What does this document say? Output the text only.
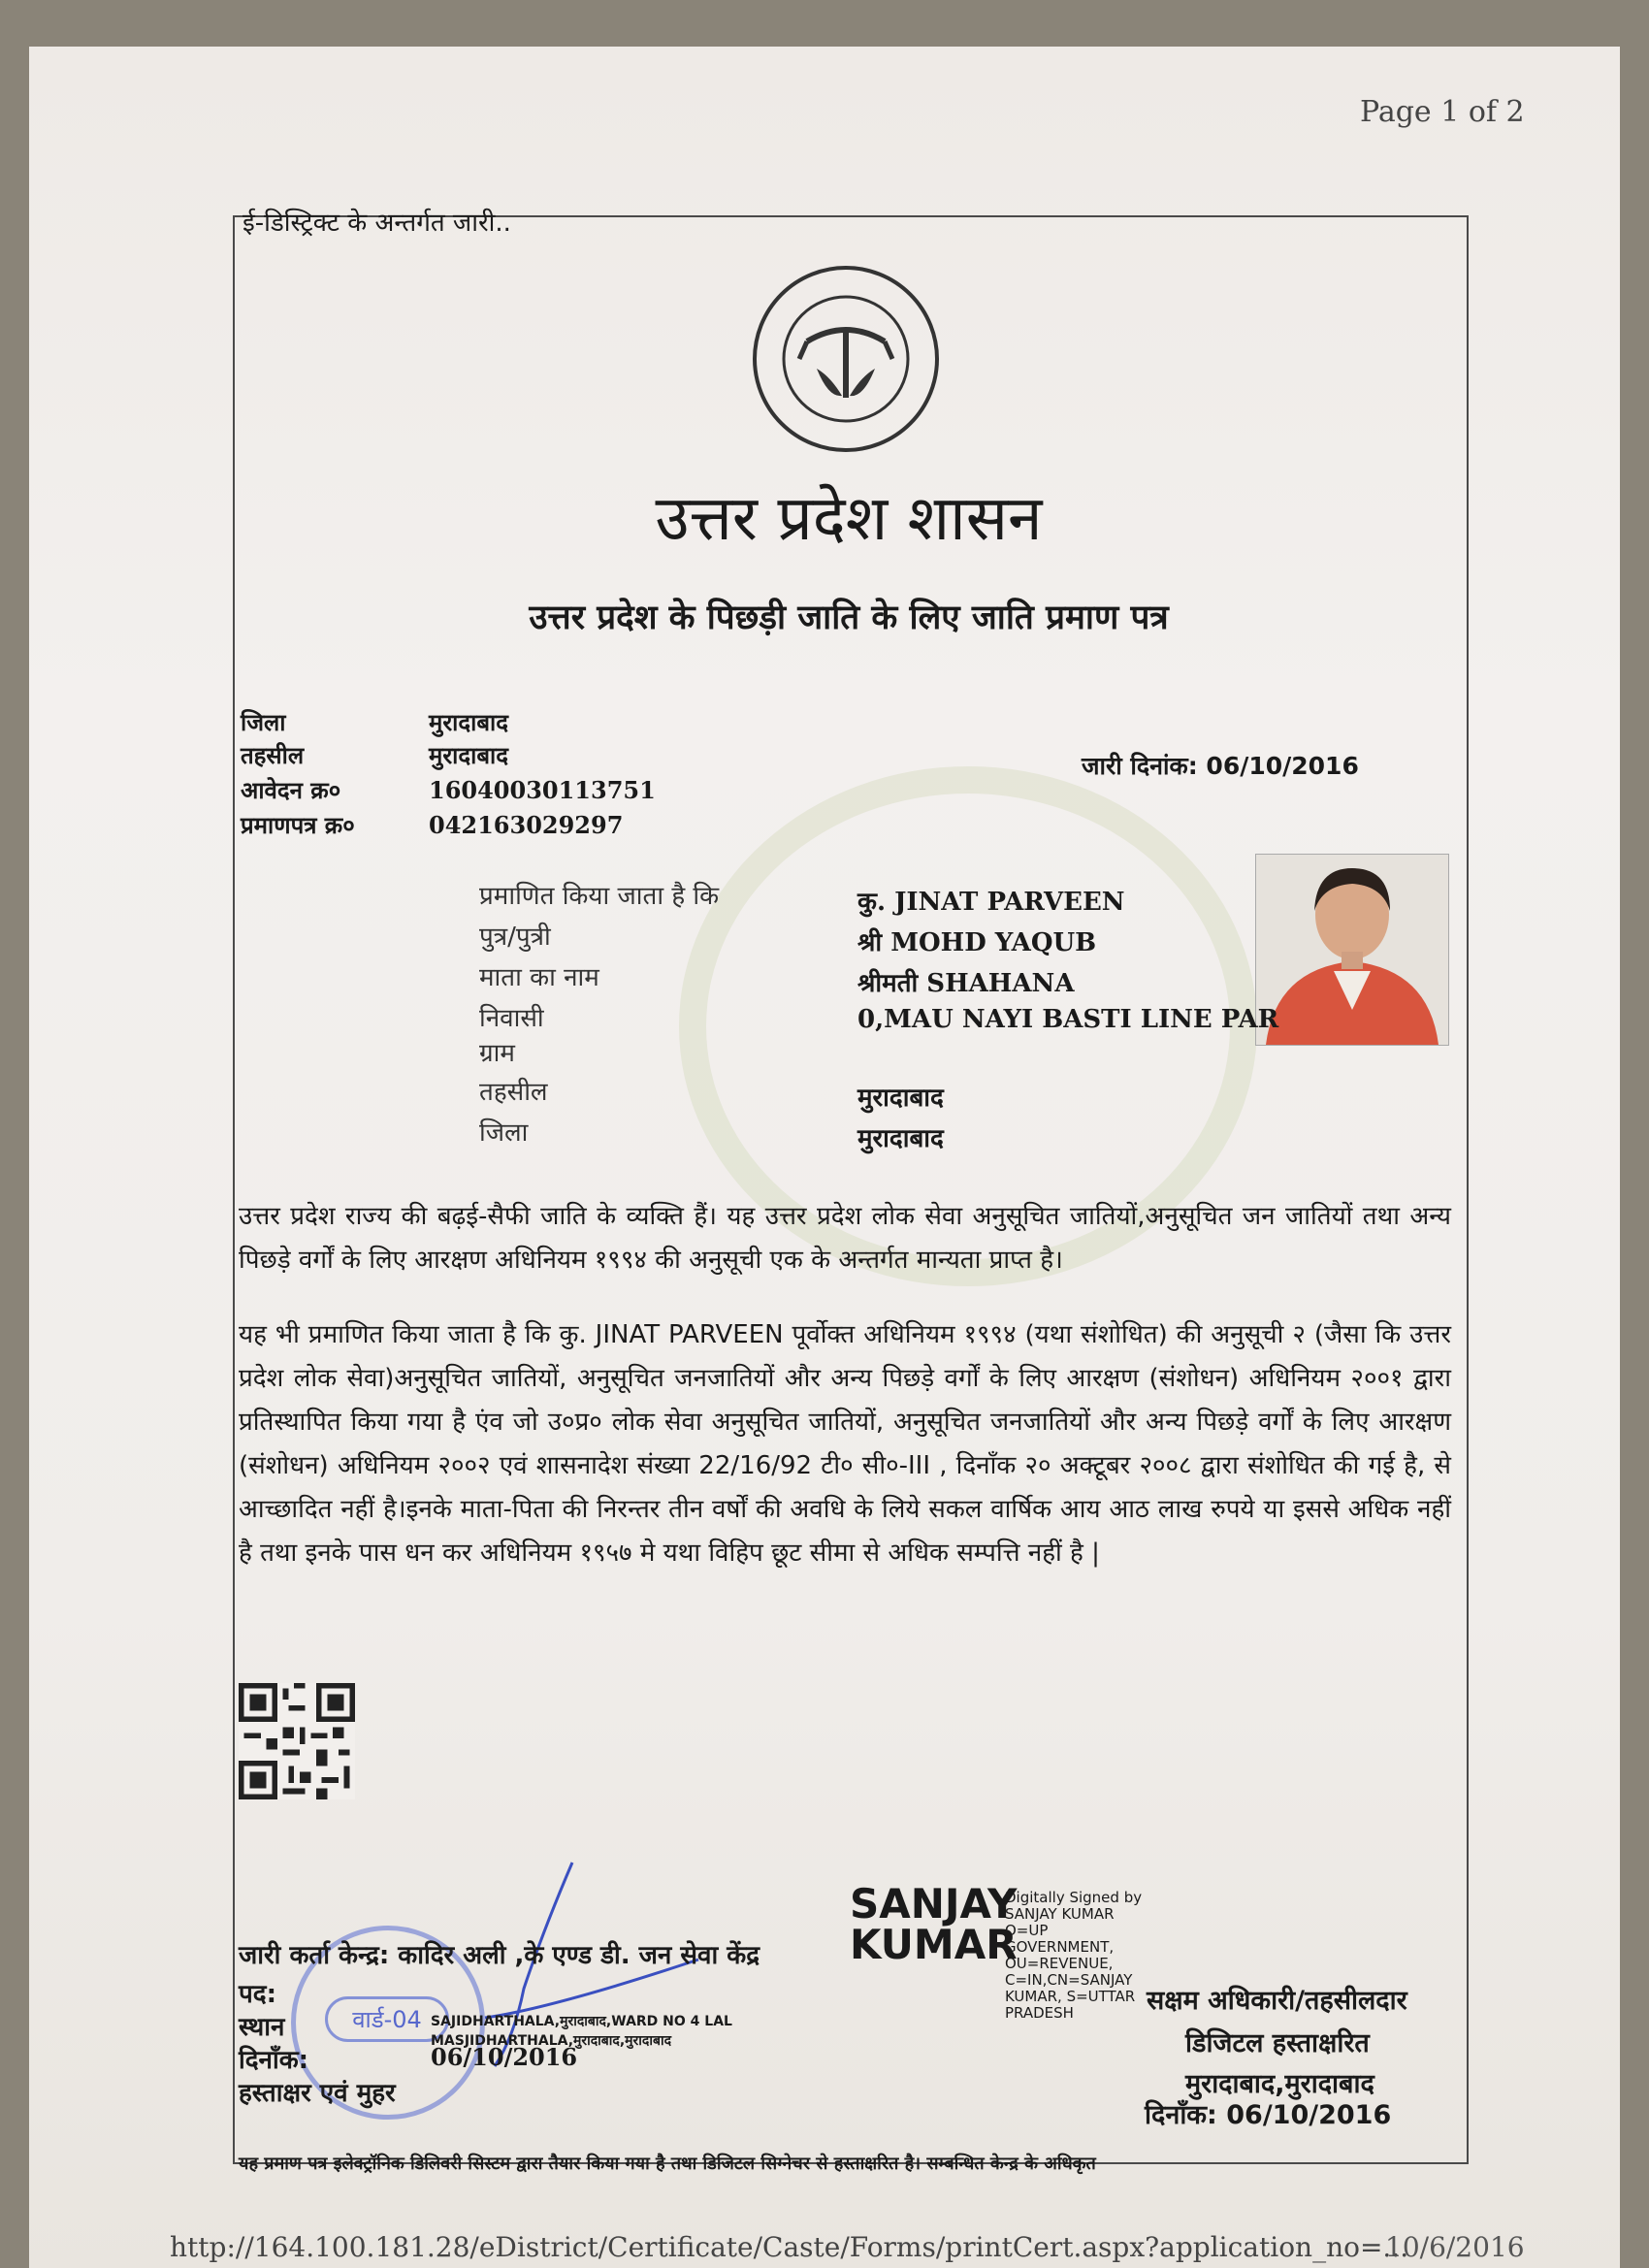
Page 1 of 2
ई-डिस्ट्रिक्ट के अन्तर्गत जारी..
उत्तर प्रदेश शासन
उत्तर प्रदेश के पिछड़ी जाति के लिए जाति प्रमाण पत्र
जिला	मुरादाबाद
तहसील	मुरादाबाद
आवेदन क्र०	16040030113751
प्रमाणपत्र क्र०	042163029297
जारी दिनांक: 06/10/2016
प्रमाणित किया जाता है कि	कु. JINAT PARVEEN
पुत्र/पुत्री	श्री MOHD YAQUB
माता का नाम	श्रीमती SHAHANA
निवासी	0,MAU NAYI BASTI LINE PAR
ग्राम
तहसील	मुरादाबाद
जिला	मुरादाबाद
उत्तर प्रदेश राज्य की बढ़ई-सैफी जाति के व्यक्ति हैं। यह उत्तर प्रदेश लोक सेवा अनुसूचित जातियों,अनुसूचित जन जातियों तथा अन्य पिछड़े वर्गों के लिए आरक्षण अधिनियम १९९४ की अनुसूची एक के अन्तर्गत मान्यता प्राप्त है।
यह भी प्रमाणित किया जाता है कि कु. JINAT PARVEEN पूर्वोक्त अधिनियम १९९४ (यथा संशोधित) की अनुसूची २ (जैसा कि उत्तर प्रदेश लोक सेवा)अनुसूचित जातियों, अनुसूचित जनजातियों और अन्य पिछड़े वर्गों के लिए आरक्षण (संशोधन) अधिनियम २००१ द्वारा प्रतिस्थापित किया गया है एंव जो उ०प्र० लोक सेवा अनुसूचित जातियों, अनुसूचित जनजातियों और अन्य पिछड़े वर्गों के लिए आरक्षण (संशोधन) अधिनियम २००२ एवं शासनादेश संख्या 22/16/92 टी० सी०-III , दिनाँक २० अक्टूबर २००८ द्वारा संशोधित की गई है, से आच्छादित नहीं है।इनके माता-पिता की निरन्तर तीन वर्षों की अवधि के लिये सकल वार्षिक आय आठ लाख रुपये या इससे अधिक नहीं है तथा इनके पास धन कर अधिनियम १९५७ मे यथा विहिप छूट सीमा से अधिक सम्पत्ति नहीं है |
वार्ड-04
जारी कर्ता केन्द्र: कादिर अली ,के एण्ड डी. जन सेवा केंद्र
पद:
स्थान	SAJIDHARTHALA,मुरादाबाद,WARD NO 4 LAL
MASJIDHARTHALA,मुरादाबाद,मुरादाबाद
दिनाँक:	06/10/2016
हस्ताक्षर एवं मुहर
SANJAY KUMAR
Digitally Signed by SANJAY KUMAR O=UP GOVERNMENT, OU=REVENUE, C=IN,CN=SANJAY KUMAR, S=UTTAR PRADESH	सक्षम अधिकारी/तहसीलदार
डिजिटल हस्ताक्षरित
मुरादाबाद,मुरादाबाद
दिनाँक: 06/10/2016
यह प्रमाण पत्र इलेक्ट्रॉनिक डिलिवरी सिस्टम द्वारा तैयार किया गया है तथा डिजिटल सिग्नेचर से हस्ताक्षरित है। सम्बन्धित केन्द्र के अधिकृत
http://164.100.181.28/eDistrict/Certificate/Caste/Forms/printCert.aspx?application_no=...
10/6/2016
